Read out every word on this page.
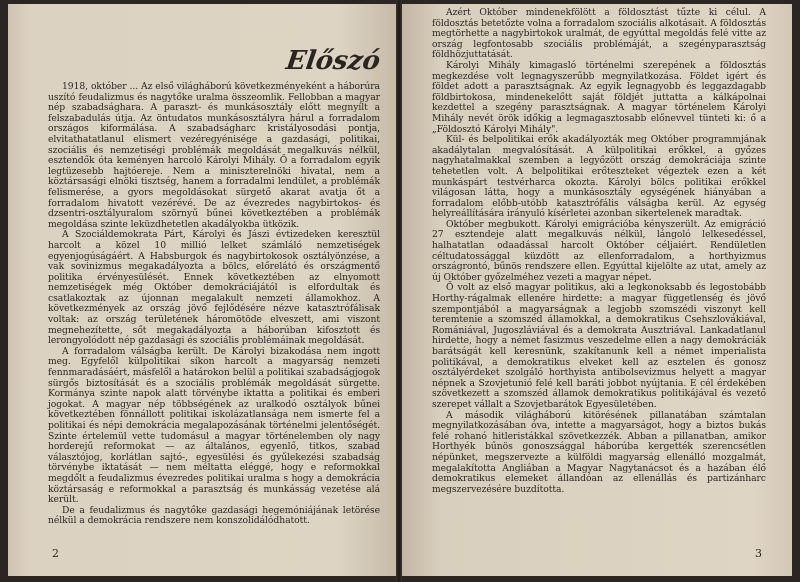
Előszó

1918, október ... Az első világháború következményeként a háborúra uszító feudalizmus és nagytőke uralma összeomlik. Fellobban a magyar nép szabadsághara. A paraszt- és munkásosztály előtt megnyílt a felszabadulás útja. Az öntudatos munkásosztályra hárul a forradalom országos kiformálása. A szabadságharc kristályosodási pontja, elvitathatatlanul elismert vezéregyénisége a gazdasági, politikai, szociális és nemzetiségi problémák megoldását megalkuvás nélkül, esztendők óta keményen harcoló Károlyi Mihály. Ő a forradalom egyik legtüzesebb hajtóereje. Nem a miniszterelnöki hivatal, nem a köztársasági elnöki tisztség, hanem a forradalmi lendület, a problémák felismerése, a gyors megoldásokat sürgető akarat avatja őt a forradalom hivatott vezérévé. De az évezredes nagybirtokos- és dzsentri-osztályuralom szörnyű bűnei következtében a problémák megoldása szinte leküzdhetetlen akadályokba ütközik.

A Szociáldemokrata Párt, Károlyi és Jászi évtizedeken keresztül harcolt a közel 10 millió lelket számláló nemzetiségek egyenjogúságáért. A Habsburgok és nagybirtokosok osztályönzése, a vak sovinizmus megakadályozta a bölcs, előrelátó és országmentő politika érvényesülését. Ennek következtében az elnyomott nemzetiségek még Október demokráciájától is elfordultak és csatlakoztak az újonnan megalakult nemzeti államokhoz. A következmények az ország jövő fejlődésére nézve katasztrófálisak voltak: az ország területének háromötöde elveszett, ami viszont megnehezítette, sőt megakadályozta a háborúban kifosztott és lerongyolódott nép gazdasági és szociális problémáinak megoldását.

A forradalom válságba került. De Károlyi bizakodása nem ingott meg. Egyfelől külpolitikai síkon harcolt a magyarság nemzeti fennmaradásáért, másfelől a határokon belül a politikai szabadságjogok sürgős biztosítását és a szociális problémák megoldását sürgette. Kormánya szinte napok alatt törvénybe iktatta a politikai és emberi jogokat. A magyar nép többségének az uralkodó osztályok bűnei következtében fönnállott politikai iskolázatlansága nem ismerte fel a politikai és népi demokrácia megalapozásának történelmi jelentőségét. Szinte értelemül vette tudomásul a magyar történelemben oly nagy horderejű reformokat — az általános, egyenlő, titkos, szabad választójog, korlátlan sajtó-, egyesülési és gyűlekezési szabadság törvénybe iktatását — nem méltatta eléggé, hogy e reformokkal megdőlt a feudalizmus évezredes politikai uralma s hogy a demokrácia köztársaság e reformokkal a parasztság és munkásság vezetése alá került.

De a feudalizmus és nagytőke gazdasági hegemóniájának letörése nélkül a demokrácia rendszere nem konszolidálódhatott.

2

Azért Október mindenekfölött a földosztást tűzte ki célul. A földosztás betetőzte volna a forradalom szociális alkotásait. A földosztás megtörhette a nagybirtokok uralmát, de egyúttal megoldás felé vitte az ország legfontosabb szociális problémáját, a szegényparasztság földhözjuttatását.

Károlyi Mihály kimagasló történelmi szerepének a földosztás megkezdése volt legnagyszerűbb megnyilatkozása. Földet igért és földet adott a parasztságnak. Az egyik legnagyobb és leggazdagabb földbirtokosa, mindenekelőtt saját földjét juttatta a kálkápolnai kezdettel a szegény parasztságnak. A magyar történelem Károlyi Mihály nevét örök időkig a legmagasztosabb előnevvel tünteti ki: ő a „Földosztó Károlyi Mihály".

Kül- és belpolitikai erők akadályozták meg Október programmjának akadálytalan megvalósítását. A külpolitikai erőkkel, a győzes nagyhatalmakkal szemben a legyőzött ország demokráciája szinte tehetetlen volt. A belpolitikai erőteszteket végeztek ezen a két munkáspárt testvérharca okozta. Károlyi bölcs politikai erőkkel világosan látta, hogy a munkásosztály egységének hiányában a forradalom előbb-utóbb katasztrófális válságba kerül. Az egység helyreállítására irányuló kísérletei azonban sikertelenek maradtak.

Október megbukott. Károlyi emigrációba kényszerült. Az emigráció 27 esztendeje alatt megalkuvás nélkül, lángoló lelkesedéssel, halhatatlan odaadással harcolt Október céljaiért. Rendületlen céltudatossággal küzdött az ellenforradalom, a horthyizmus országrontó, bűnös rendszere ellen. Egyúttal kijelölte az utat, amely az új Október győzelméhez vezeti a magyar népet.

Ő volt az első magyar politikus, aki a legkonoksabb és legostobább Horthy-rágalmak ellenére hirdette: a magyar függetlenség és jövő szempontjából a magyarságnak a legjobb szomszédi viszonyt kell teremtenie a szomszéd államokkal, a demokratikus Csehszlovákiával, Romániával, Jugoszláviával és a demokrata Ausztriával. Lankadatlanul hirdette, hogy a német fasizmus veszedelme ellen a nagy demokráciák barátságát kell keresnünk, szakítanunk kell a német imperialista politikával, a demokratikus elveket kell az esztelen és gonosz osztályérdeket szolgáló horthyista antibolsevizmus helyett a magyar népnek a Szovjetunió felé kell baráti jobbot nyújtania. E cél érdekében szövetkezett a szomszéd államok demokratikus politikájával és vezető szerepet vállalt a Szovjetbarátok Egyesületében.

A második világháború kitörésének pillanatában számtalan megnyilatkozásában óva, intette a magyarságot, hogy a biztos bukás felé rohanó hitleristákkal szövetkezzék. Abban a pillanatban, amikor Horthyék bűnös gonoszsággal háborúba kergették szerencsétlen népünket, megszervezte a külföldi magyarság ellenálló mozgalmát, megalakította Angliában a Magyar Nagytanácsot és a hazában élő demokratikus elemeket állandóan az ellenállás és partizánharc megszervezésére buzdította.

3
